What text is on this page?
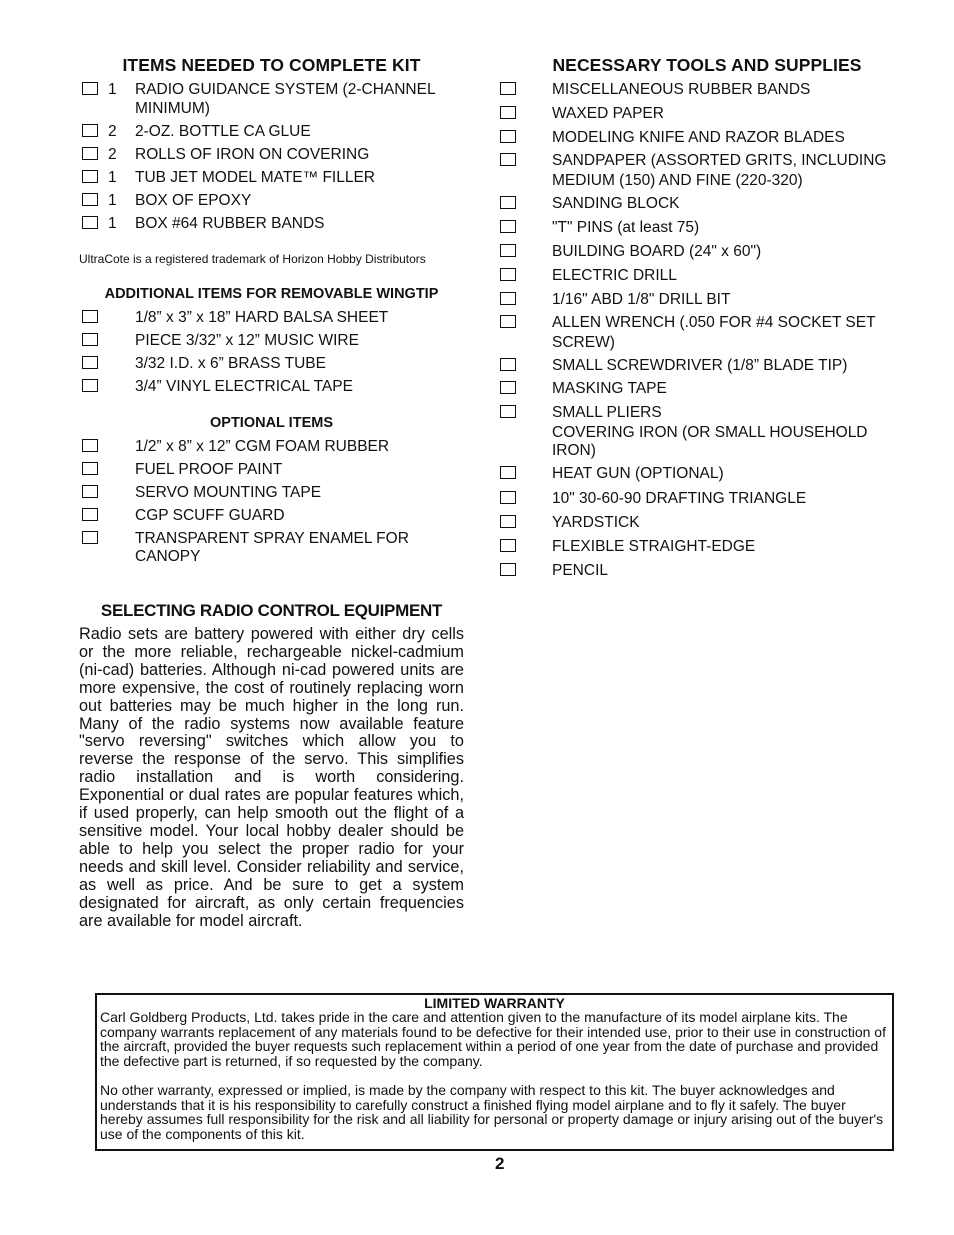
ITEMS NEEDED TO COMPLETE KIT
1 RADIO GUIDANCE SYSTEM (2-CHANNEL
MINIMUM)
2 2-OZ. BOTTLE CA GLUE
2 ROLLS OF IRON ON COVERING
1 TUB JET MODEL MATE™ FILLER
1 BOX OF EPOXY
1 BOX #64 RUBBER BANDS
UltraCote is a registered trademark of Horizon Hobby Distributors
ADDITIONAL ITEMS FOR REMOVABLE WINGTIP
1/8” x 3” x 18” HARD BALSA SHEET
PIECE 3/32” x 12” MUSIC WIRE
3/32 I.D. x 6” BRASS TUBE
3/4” VINYL ELECTRICAL TAPE
OPTIONAL ITEMS
1/2” x 8” x 12” CGM FOAM RUBBER
FUEL PROOF PAINT
SERVO MOUNTING TAPE
CGP SCUFF GUARD
TRANSPARENT SPRAY ENAMEL FOR
CANOPY
SELECTING RADIO CONTROL EQUIPMENT
Radio sets are battery powered with either dry cells or the more reliable, rechargeable nickel-cadmium (ni-cad) batteries. Although ni-cad powered units are more expensive, the cost of routinely replacing worn out batteries may be much higher in the long run. Many of the radio systems now available feature "servo reversing" switches which allow you to reverse the response of the servo. This simplifies radio installation and is worth considering. Exponential or dual rates are popular features which, if used properly, can help smooth out the flight of a sensitive model. Your local hobby dealer should be able to help you select the proper radio for your needs and skill level. Consider reliability and service, as well as price. And be sure to get a system designated for aircraft, as only certain frequencies are available for model aircraft.
NECESSARY TOOLS AND SUPPLIES
MISCELLANEOUS RUBBER BANDS
WAXED PAPER
MODELING KNIFE AND RAZOR BLADES
SANDPAPER (ASSORTED GRITS, INCLUDING
MEDIUM (150) AND FINE (220-320)
SANDING BLOCK
"T" PINS (at least 75)
BUILDING BOARD (24" x 60")
ELECTRIC DRILL
1/16" ABD 1/8" DRILL BIT
ALLEN WRENCH (.050 FOR #4 SOCKET SET
SCREW)
SMALL SCREWDRIVER (1/8” BLADE TIP)
MASKING TAPE
SMALL PLIERS
COVERING IRON (OR SMALL HOUSEHOLD
IRON)
HEAT GUN (OPTIONAL)
10" 30-60-90 DRAFTING TRIANGLE
YARDSTICK
FLEXIBLE STRAIGHT-EDGE
PENCIL
LIMITED WARRANTY

Carl Goldberg Products, Ltd. takes pride in the care and attention given to the manufacture of its model airplane kits. The company warrants replacement of any materials found to be defective for their intended use, prior to their use in construction of the aircraft, provided the buyer requests such replacement within a period of one year from the date of purchase and provided the defective part is returned, if so requested by the company.

No other warranty, expressed or implied, is made by the company with respect to this kit. The buyer acknowledges and understands that it is his responsibility to carefully construct a finished flying model airplane and to fly it safely. The buyer hereby assumes full responsibility for the risk and all liability for personal or property damage or injury arising out of the buyer's use of the components of this kit.

2
